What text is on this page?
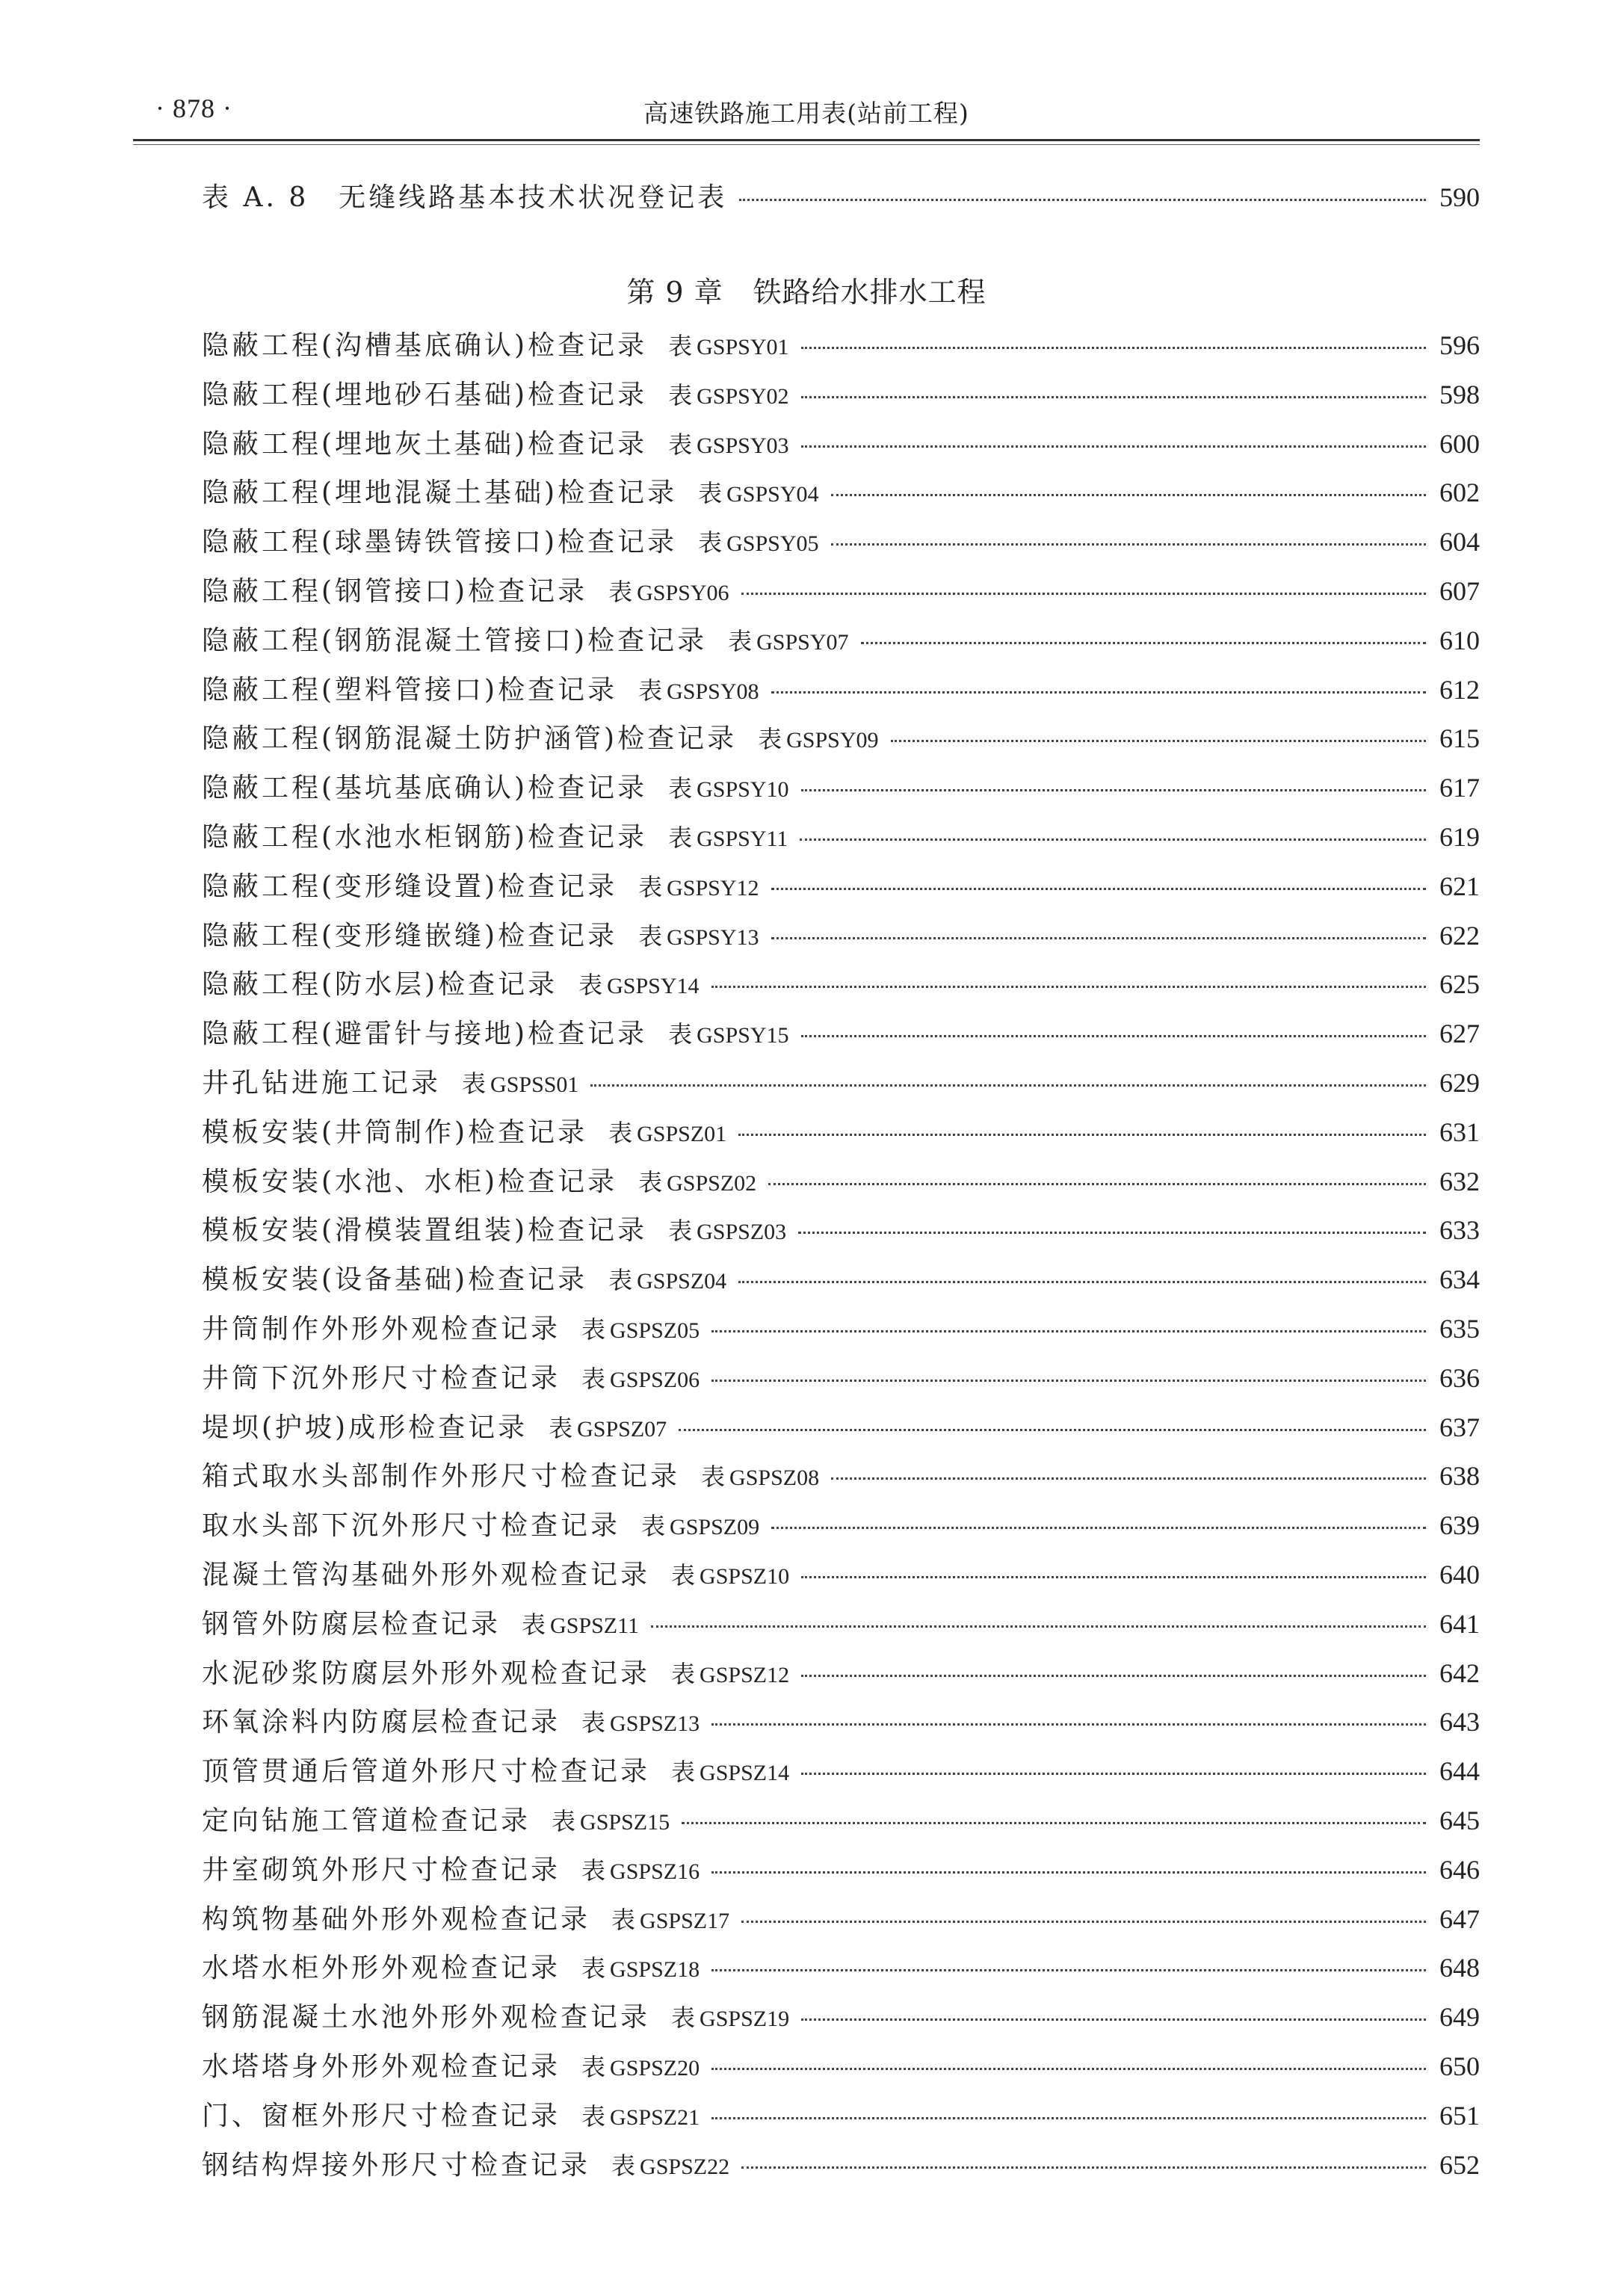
· 878 ·	高速铁路施工用表(站前工程)
表 A. 8　无缝线路基本技术状况登记表	590
第 9 章 铁路给水排水工程
隐蔽工程(沟槽基底确认)检查记录 表 GSPSY01	596
隐蔽工程(埋地砂石基础)检查记录 表 GSPSY02	598
隐蔽工程(埋地灰土基础)检查记录 表 GSPSY03	600
隐蔽工程(埋地混凝土基础)检查记录 表 GSPSY04	602
隐蔽工程(球墨铸铁管接口)检查记录 表 GSPSY05	604
隐蔽工程(钢管接口)检查记录 表 GSPSY06	607
隐蔽工程(钢筋混凝土管接口)检查记录 表 GSPSY07	610
隐蔽工程(塑料管接口)检查记录 表 GSPSY08	612
隐蔽工程(钢筋混凝土防护涵管)检查记录 表 GSPSY09	615
隐蔽工程(基坑基底确认)检查记录 表 GSPSY10	617
隐蔽工程(水池水柜钢筋)检查记录 表 GSPSY11	619
隐蔽工程(变形缝设置)检查记录 表 GSPSY12	621
隐蔽工程(变形缝嵌缝)检查记录 表 GSPSY13	622
隐蔽工程(防水层)检查记录 表 GSPSY14	625
隐蔽工程(避雷针与接地)检查记录 表 GSPSY15	627
井孔钻进施工记录 表 GSPSS01	629
模板安装(井筒制作)检查记录 表 GSPSZ01	631
模板安装(水池、水柜)检查记录 表 GSPSZ02	632
模板安装(滑模装置组装)检查记录 表 GSPSZ03	633
模板安装(设备基础)检查记录 表 GSPSZ04	634
井筒制作外形外观检查记录 表 GSPSZ05	635
井筒下沉外形尺寸检查记录 表 GSPSZ06	636
堤坝(护坡)成形检查记录 表 GSPSZ07	637
箱式取水头部制作外形尺寸检查记录 表 GSPSZ08	638
取水头部下沉外形尺寸检查记录 表 GSPSZ09	639
混凝土管沟基础外形外观检查记录 表 GSPSZ10	640
钢管外防腐层检查记录 表 GSPSZ11	641
水泥砂浆防腐层外形外观检查记录 表 GSPSZ12	642
环氧涂料内防腐层检查记录 表 GSPSZ13	643
顶管贯通后管道外形尺寸检查记录 表 GSPSZ14	644
定向钻施工管道检查记录 表 GSPSZ15	645
井室砌筑外形尺寸检查记录 表 GSPSZ16	646
构筑物基础外形外观检查记录 表 GSPSZ17	647
水塔水柜外形外观检查记录 表 GSPSZ18	648
钢筋混凝土水池外形外观检查记录 表 GSPSZ19	649
水塔塔身外形外观检查记录 表 GSPSZ20	650
门、窗框外形尺寸检查记录 表 GSPSZ21	651
钢结构焊接外形尺寸检查记录 表 GSPSZ22	652
